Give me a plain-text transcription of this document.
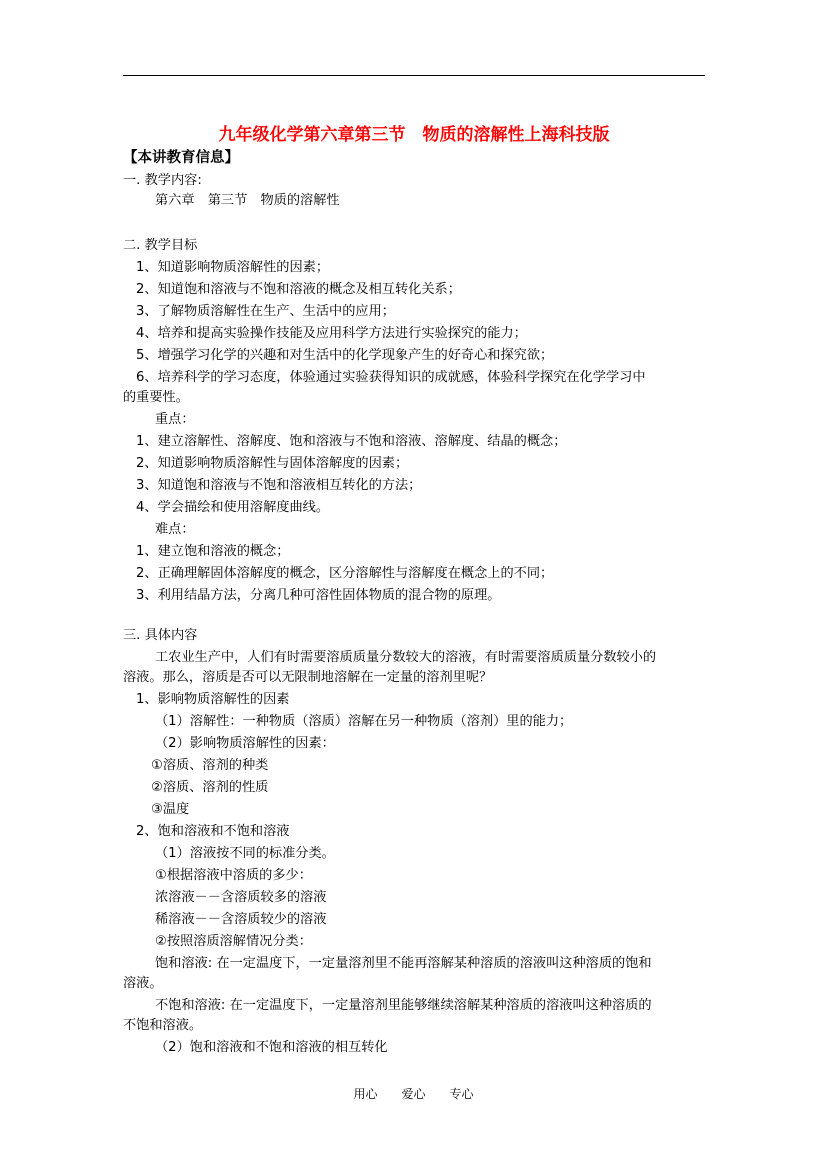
九年级化学第六章第三节　物质的溶解性上海科技版
【本讲教育信息】
一. 教学内容:
第六章　第三节　物质的溶解性
二. 教学目标
1、知道影响物质溶解性的因素；
2、知道饱和溶液与不饱和溶液的概念及相互转化关系；
3、了解物质溶解性在生产、生活中的应用；
4、培养和提高实验操作技能及应用科学方法进行实验探究的能力；
5、增强学习化学的兴趣和对生活中的化学现象产生的好奇心和探究欲；
6、培养科学的学习态度，体验通过实验获得知识的成就感，体验科学探究在化学学习中
的重要性。
重点：
1、建立溶解性、溶解度、饱和溶液与不饱和溶液、溶解度、结晶的概念；
2、知道影响物质溶解性与固体溶解度的因素；
3、知道饱和溶液与不饱和溶液相互转化的方法；
4、学会描绘和使用溶解度曲线。
难点：
1、建立饱和溶液的概念；
2、正确理解固体溶解度的概念，区分溶解性与溶解度在概念上的不同；
3、利用结晶方法，分离几种可溶性固体物质的混合物的原理。
三. 具体内容
工农业生产中，人们有时需要溶质质量分数较大的溶液，有时需要溶质质量分数较小的
溶液。那么，溶质是否可以无限制地溶解在一定量的溶剂里呢？
1、影响物质溶解性的因素
（1）溶解性：一种物质（溶质）溶解在另一种物质（溶剂）里的能力；
（2）影响物质溶解性的因素：
①溶质、溶剂的种类
②溶质、溶剂的性质
③温度
2、饱和溶液和不饱和溶液
（1）溶液按不同的标准分类。
①根据溶液中溶质的多少：
浓溶液－－含溶质较多的溶液
稀溶液－－含溶质较少的溶液
②按照溶质溶解情况分类：
饱和溶液: 在一定温度下，一定量溶剂里不能再溶解某种溶质的溶液叫这种溶质的饱和
溶液。
不饱和溶液: 在一定温度下，一定量溶剂里能够继续溶解某种溶质的溶液叫这种溶质的
不饱和溶液。
（2）饱和溶液和不饱和溶液的相互转化
用心　　爱心　　专心
